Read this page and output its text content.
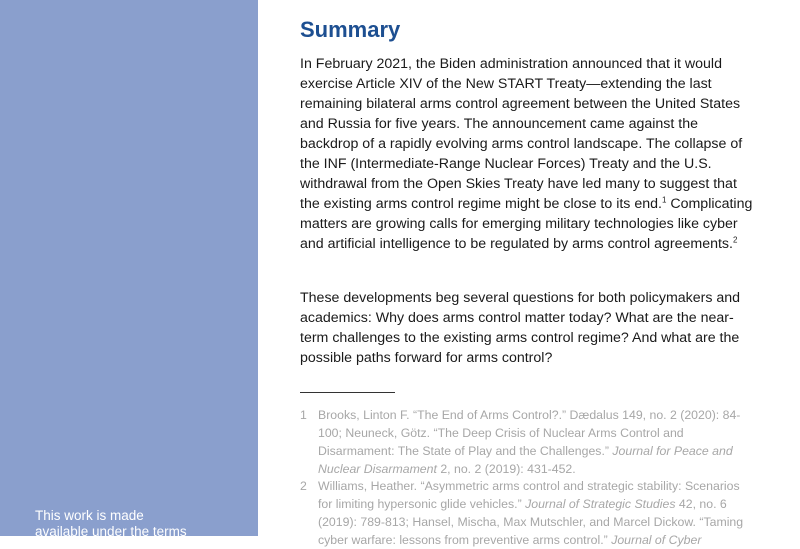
This work is made
available under the terms
Summary

In February 2021, the Biden administration announced that it would exercise Article XIV of the New START Treaty—extending the last remaining bilateral arms control agreement between the United States and Russia for five years. The announcement came against the backdrop of a rapidly evolving arms control landscape. The collapse of the INF (Intermediate-Range Nuclear Forces) Treaty and the U.S. withdrawal from the Open Skies Treaty have led many to suggest that the existing arms control regime might be close to its end.$^1$ Complicating matters are growing calls for emerging military technologies like cyber and artificial intelligence to be regulated by arms control agreements.$^2$

These developments beg several questions for both policymakers and academics: Why does arms control matter today? What are the near-term challenges to the existing arms control regime? And what are the possible paths forward for arms control?

1 Brooks, Linton F. “The End of Arms Control?.” Dædalus 149, no. 2 (2020): 84-100; Neuneck, Götz. “The Deep Crisis of Nuclear Arms Control and Disarmament: The State of Play and the Challenges.” Journal for Peace and Nuclear Disarmament 2, no. 2 (2019): 431-452.
2 Williams, Heather. “Asymmetric arms control and strategic stability: Scenarios for limiting hypersonic glide vehicles.” Journal of Strategic Studies 42, no. 6 (2019): 789-813; Hansel, Mischa, Max Mutschler, and Marcel Dickow. “Taming cyber warfare: lessons from preventive arms control.” Journal of Cyber
